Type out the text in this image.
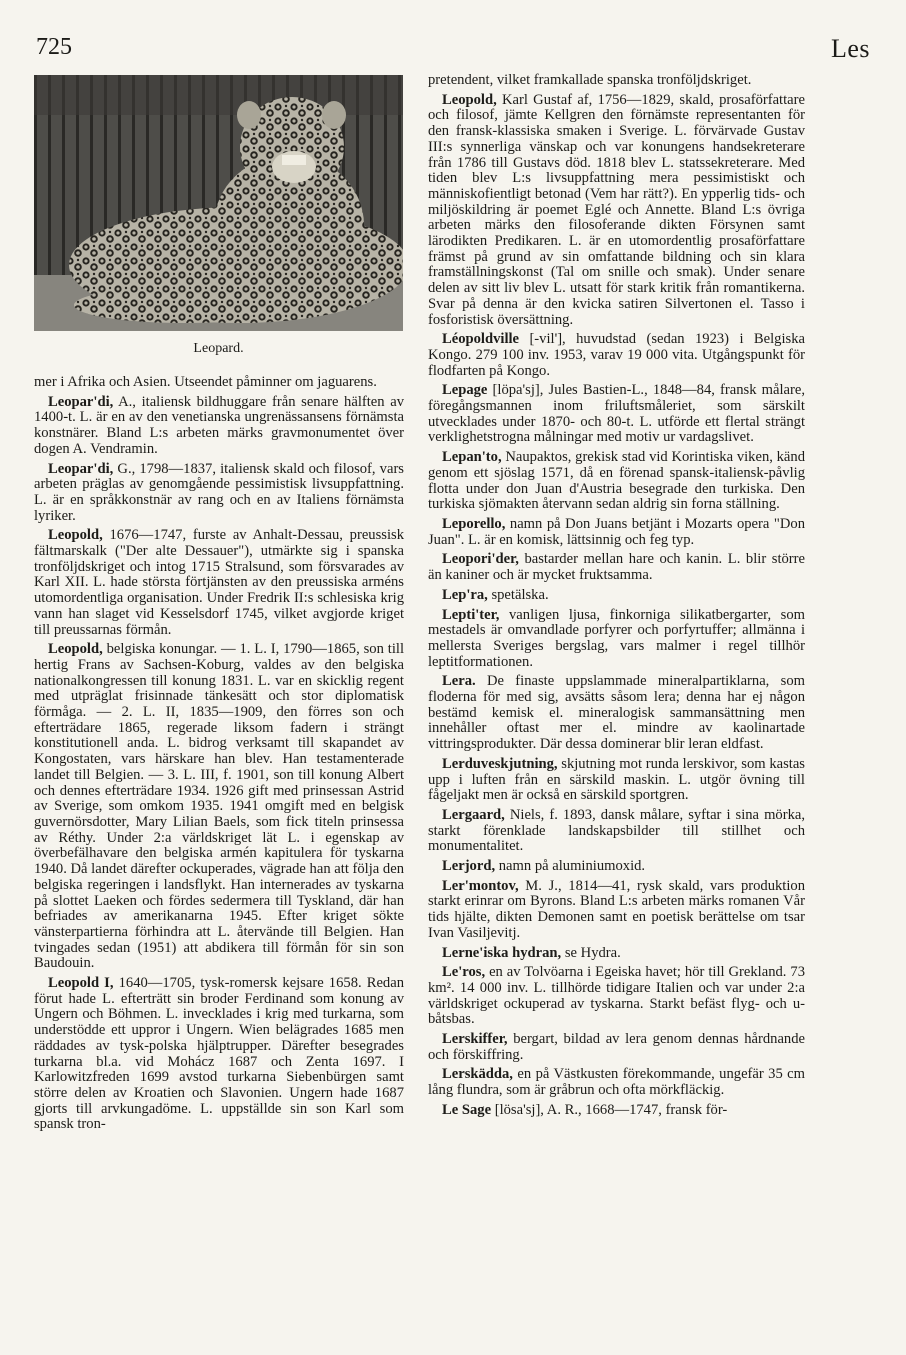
725	Les
Leopard.

mer i Afrika och Asien. Utseendet påminner om jaguarens.

Leopar'di, A., italiensk bildhuggare från senare hälften av 1400-t. L. är en av den venetianska ungrenässansens förnämsta konstnärer. Bland L:s arbeten märks gravmonumentet över dogen A. Vendramin.

Leopar'di, G., 1798—1837, italiensk skald och filosof, vars arbeten präglas av genomgående pessimistisk livsuppfattning. L. är en språkkonstnär av rang och en av Italiens förnämsta lyriker.

Leopold, 1676—1747, furste av Anhalt-Dessau, preussisk fältmarskalk ("Der alte Dessauer"), utmärkte sig i spanska tronföljdskriget och intog 1715 Stralsund, som försvarades av Karl XII. L. hade största förtjänsten av den preussiska arméns utomordentliga organisation. Under Fredrik II:s schlesiska krig vann han slaget vid Kesselsdorf 1745, vilket avgjorde kriget till preussarnas förmån.

Leopold, belgiska konungar. — 1. L. I, 1790—1865, son till hertig Frans av Sachsen-Koburg, valdes av den belgiska nationalkongressen till konung 1831. L. var en skicklig regent med utpräglat frisinnade tänkesätt och stor diplomatisk förmåga. — 2. L. II, 1835—1909, den förres son och efterträdare 1865, regerade liksom fadern i strängt konstitutionell anda. L. bidrog verksamt till skapandet av Kongostaten, vars härskare han blev. Han testamenterade landet till Belgien. — 3. L. III, f. 1901, son till konung Albert och dennes efterträdare 1934. 1926 gift med prinsessan Astrid av Sverige, som omkom 1935. 1941 omgift med en belgisk guvernörsdotter, Mary Lilian Baels, som fick titeln prinsessa av Réthy. Under 2:a världskriget lät L. i egenskap av överbefälhavare den belgiska armén kapitulera för tyskarna 1940. Då landet därefter ockuperades, vägrade han att följa den belgiska regeringen i landsflykt. Han internerades av tyskarna på slottet Laeken och fördes sedermera till Tyskland, där han befriades av amerikanarna 1945. Efter kriget sökte vänsterpartierna förhindra att L. återvände till Belgien. Han tvingades sedan (1951) att abdikera till förmån för sin son Baudouin.

Leopold I, 1640—1705, tysk-romersk kejsare 1658. Redan förut hade L. efterträtt sin broder Ferdinand som konung av Ungern och Böhmen. L. invecklades i krig med turkarna, som understödde ett uppror i Ungern. Wien belägrades 1685 men räddades av tysk-polska hjälptrupper. Därefter besegrades turkarna bl.a. vid Mohácz 1687 och Zenta 1697. I Karlowitzfreden 1699 avstod turkarna Siebenbürgen samt större delen av Kroatien och Slavonien. Ungern hade 1687 gjorts till arvkungadöme. L. uppställde sin son Karl som spansk tron-

pretendent, vilket framkallade spanska tronföljdskriget.

Leopold, Karl Gustaf af, 1756—1829, skald, prosaförfattare och filosof, jämte Kellgren den förnämste representanten för den fransk-klassiska smaken i Sverige. L. förvärvade Gustav III:s synnerliga vänskap och var konungens handsekreterare från 1786 till Gustavs död. 1818 blev L. statssekreterare. Med tiden blev L:s livsuppfattning mera pessimistiskt och människofientligt betonad (Vem har rätt?). En ypperlig tids- och miljöskildring är poemet Eglé och Annette. Bland L:s övriga arbeten märks den filosoferande dikten Försynen samt lärodikten Predikaren. L. är en utomordentlig prosaförfattare främst på grund av sin omfattande bildning och sin klara framställningskonst (Tal om snille och smak). Under senare delen av sitt liv blev L. utsatt för stark kritik från romantikerna. Svar på denna är den kvicka satiren Silvertonen el. Tasso i fosforistisk översättning.

Léopoldville [-vil'], huvudstad (sedan 1923) i Belgiska Kongo. 279 100 inv. 1953, varav 19 000 vita. Utgångspunkt för flodfarten på Kongo.

Lepage [löpa'sj], Jules Bastien-L., 1848—84, fransk målare, föregångsmannen inom friluftsmåleriet, som särskilt utvecklades under 1870- och 80-t. L. utförde ett flertal strängt verklighetstrogna målningar med motiv ur vardagslivet.

Lepan'to, Naupaktos, grekisk stad vid Korintiska viken, känd genom ett sjöslag 1571, då en förenad spansk-italiensk-påvlig flotta under don Juan d'Austria besegrade den turkiska. Den turkiska sjömakten återvann sedan aldrig sin forna ställning.

Leporello, namn på Don Juans betjänt i Mozarts opera "Don Juan". L. är en komisk, lättsinnig och feg typ.

Leopori'der, bastarder mellan hare och kanin. L. blir större än kaniner och är mycket fruktsamma.

Lep'ra, spetälska.

Lepti'ter, vanligen ljusa, finkorniga silikatbergarter, som mestadels är omvandlade porfyrer och porfyrtuffer; allmänna i mellersta Sveriges bergslag, vars malmer i regel tillhör leptitformationen.

Lera. De finaste uppslammade mineralpartiklarna, som floderna för med sig, avsätts såsom lera; denna har ej någon bestämd kemisk el. mineralogisk sammansättning men innehåller oftast mer el. mindre av kaolinartade vittringsprodukter. Där dessa dominerar blir leran eldfast.

Lerduveskjutning, skjutning mot runda lerskivor, som kastas upp i luften från en särskild maskin. L. utgör övning till fågeljakt men är också en särskild sportgren.

Lergaard, Niels, f. 1893, dansk målare, syftar i sina mörka, starkt förenklade landskapsbilder till stillhet och monumentalitet.

Lerjord, namn på aluminiumoxid.

Ler'montov, M. J., 1814—41, rysk skald, vars produktion starkt erinrar om Byrons. Bland L:s arbeten märks romanen Vår tids hjälte, dikten Demonen samt en poetisk berättelse om tsar Ivan Vasiljevitj.

Lerne'iska hydran, se Hydra.

Le'ros, en av Tolvöarna i Egeiska havet; hör till Grekland. 73 km². 14 000 inv. L. tillhörde tidigare Italien och var under 2:a världskriget ockuperad av tyskarna. Starkt befäst flyg- och u-båtsbas.

Lerskiffer, bergart, bildad av lera genom dennas hårdnande och förskiffring.

Lerskädda, en på Västkusten förekommande, ungefär 35 cm lång flundra, som är gråbrun och ofta mörkfläckig.

Le Sage [lösa'sj], A. R., 1668—1747, fransk för-
